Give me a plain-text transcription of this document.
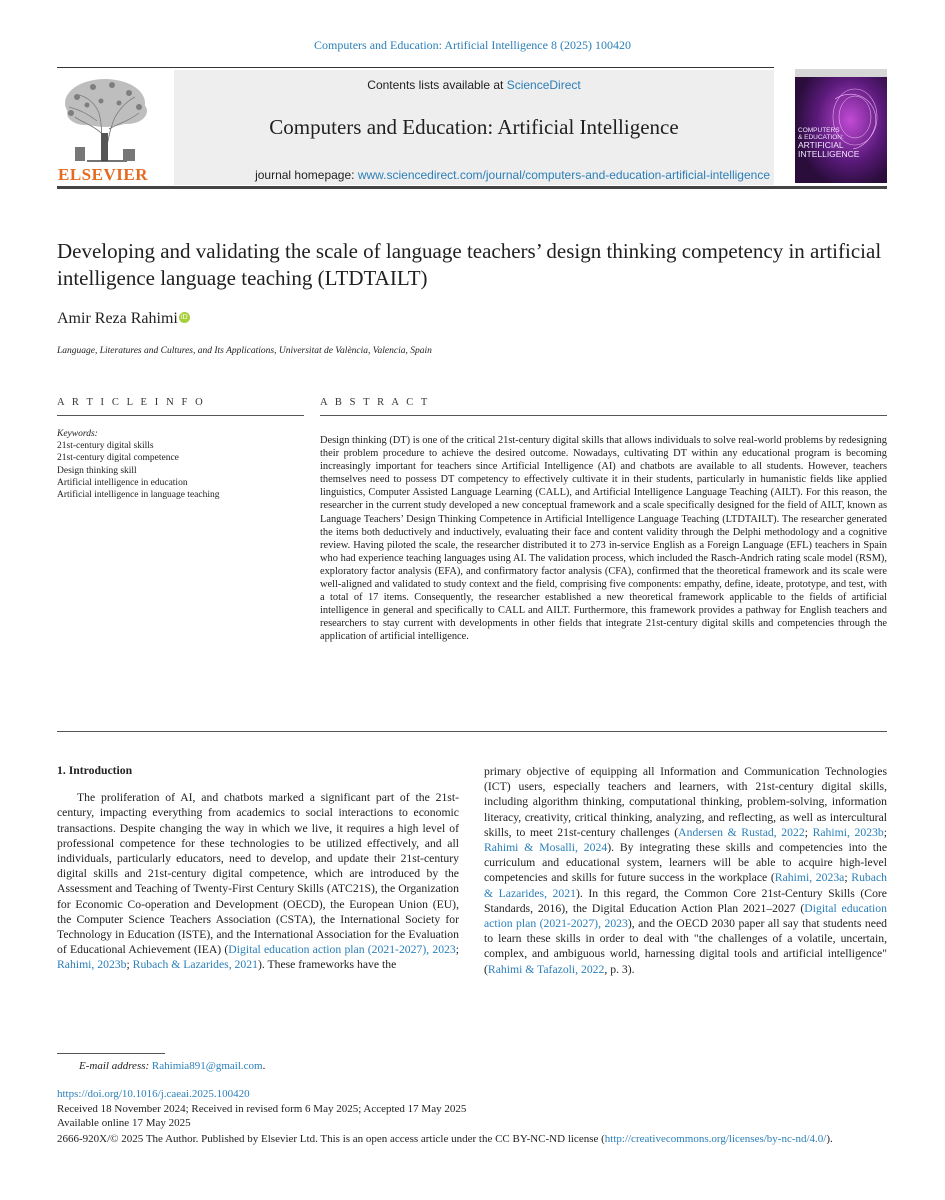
Computers and Education: Artificial Intelligence 8 (2025) 100420
ELSEVIER
Contents lists available at ScienceDirect
Computers and Education: Artificial Intelligence
journal homepage: www.sciencedirect.com/journal/computers-and-education-artificial-intelligence
COMPUTERS
& EDUCATION:
ARTIFICIAL
INTELLIGENCE
Developing and validating the scale of language teachers’ design thinking competency in artificial intelligence language teaching (LTDTAILT)
Amir Reza Rahimi iD
Language, Literatures and Cultures, and Its Applications, Universitat de València, Valencia, Spain
A R T I C L E I N F O	A B S T R A C T
Keywords:
21st-century digital skills
21st-century digital competence
Design thinking skill
Artificial intelligence in education
Artificial intelligence in language teaching
Design thinking (DT) is one of the critical 21st-century digital skills that allows individuals to solve real-world problems by redesigning their problem procedure to achieve the desired outcome. Nowadays, cultivating DT within any educational program is becoming increasingly important for teachers since Artificial Intelligence (AI) and chatbots are available to all students. However, teachers themselves need to possess DT competency to effectively cultivate it in their students, particularly in humanistic fields like applied linguistics, Computer Assisted Language Learning (CALL), and Artificial Intelligence Language Teaching (AILT). For this reason, the researcher in the current study developed a new conceptual framework and a scale specifically designed for the field of AILT, known as Language Teachers’ Design Thinking Competence in Artificial Intelligence Language Teaching (LTDTAILT). The researcher generated the items both deductively and inductively, evaluating their face and content validity through the Delphi methodology and a cognitive review. Having piloted the scale, the researcher distributed it to 273 in-service English as a Foreign Language (EFL) teachers in Spain who had experience teaching languages using AI. The validation process, which included the Rasch-Andrich rating scale model (RSM), exploratory factor analysis (EFA), and confirmatory factor analysis (CFA), confirmed that the theoretical framework and its scale were well-aligned and validated to study context and the field, comprising five components: empathy, define, ideate, prototype, and test, with a total of 17 items. Consequently, the researcher established a new theoretical framework applicable to the fields of artificial intelligence in general and specifically to CALL and AILT. Furthermore, this framework provides a pathway for English teachers and researchers to stay current with developments in other fields that integrate 21st-century digital skills and competencies through the application of artificial intelligence.
1. Introduction

The proliferation of AI, and chatbots marked a significant part of the 21st-century, impacting everything from academics to social interactions to economic transactions. Despite changing the way in which we live, it requires a high level of professional competence for these technologies to be utilized effectively, and all individuals, particularly educators, need to develop, and update their 21st-century digital skills and 21st-century digital competence, which are introduced by the Assessment and Teaching of Twenty-First Century Skills (ATC21S), the Organization for Economic Co-operation and Development (OECD), the European Union (EU), the Computer Science Teachers Association (CSTA), the International Society for Technology in Education (ISTE), and the International Association for the Evaluation of Educational Achievement (IEA) (Digital education action plan (2021-2027), 2023; Rahimi, 2023b; Rubach & Lazarides, 2021). These frameworks have the

primary objective of equipping all Information and Communication Technologies (ICT) users, especially teachers and learners, with 21st-century digital skills, including algorithm thinking, computational thinking, problem-solving, information literacy, creativity, critical thinking, analyzing, and reflecting, as well as intercultural skills, to meet 21st-century challenges (Andersen & Rustad, 2022; Rahimi, 2023b; Rahimi & Mosalli, 2024). By integrating these skills and competencies into the curriculum and educational system, learners will be able to acquire high-level competencies and skills for future success in the workplace (Rahimi, 2023a; Rubach & Lazarides, 2021). In this regard, the Common Core 21st-Century Skills (Core Standards, 2016), the Digital Education Action Plan 2021–2027 (Digital education action plan (2021-2027), 2023), and the OECD 2030 paper all say that students need to learn these skills in order to deal with "the challenges of a volatile, uncertain, complex, and ambiguous world, harnessing digital tools and artificial intelligence" (Rahimi & Tafazoli, 2022, p. 3).

E-mail address: Rahimia891@gmail.com.
https://doi.org/10.1016/j.caeai.2025.100420
Received 18 November 2024; Received in revised form 6 May 2025; Accepted 17 May 2025
Available online 17 May 2025
2666-920X/© 2025 The Author. Published by Elsevier Ltd. This is an open access article under the CC BY-NC-ND license (http://creativecommons.org/licenses/by-nc-nd/4.0/).
